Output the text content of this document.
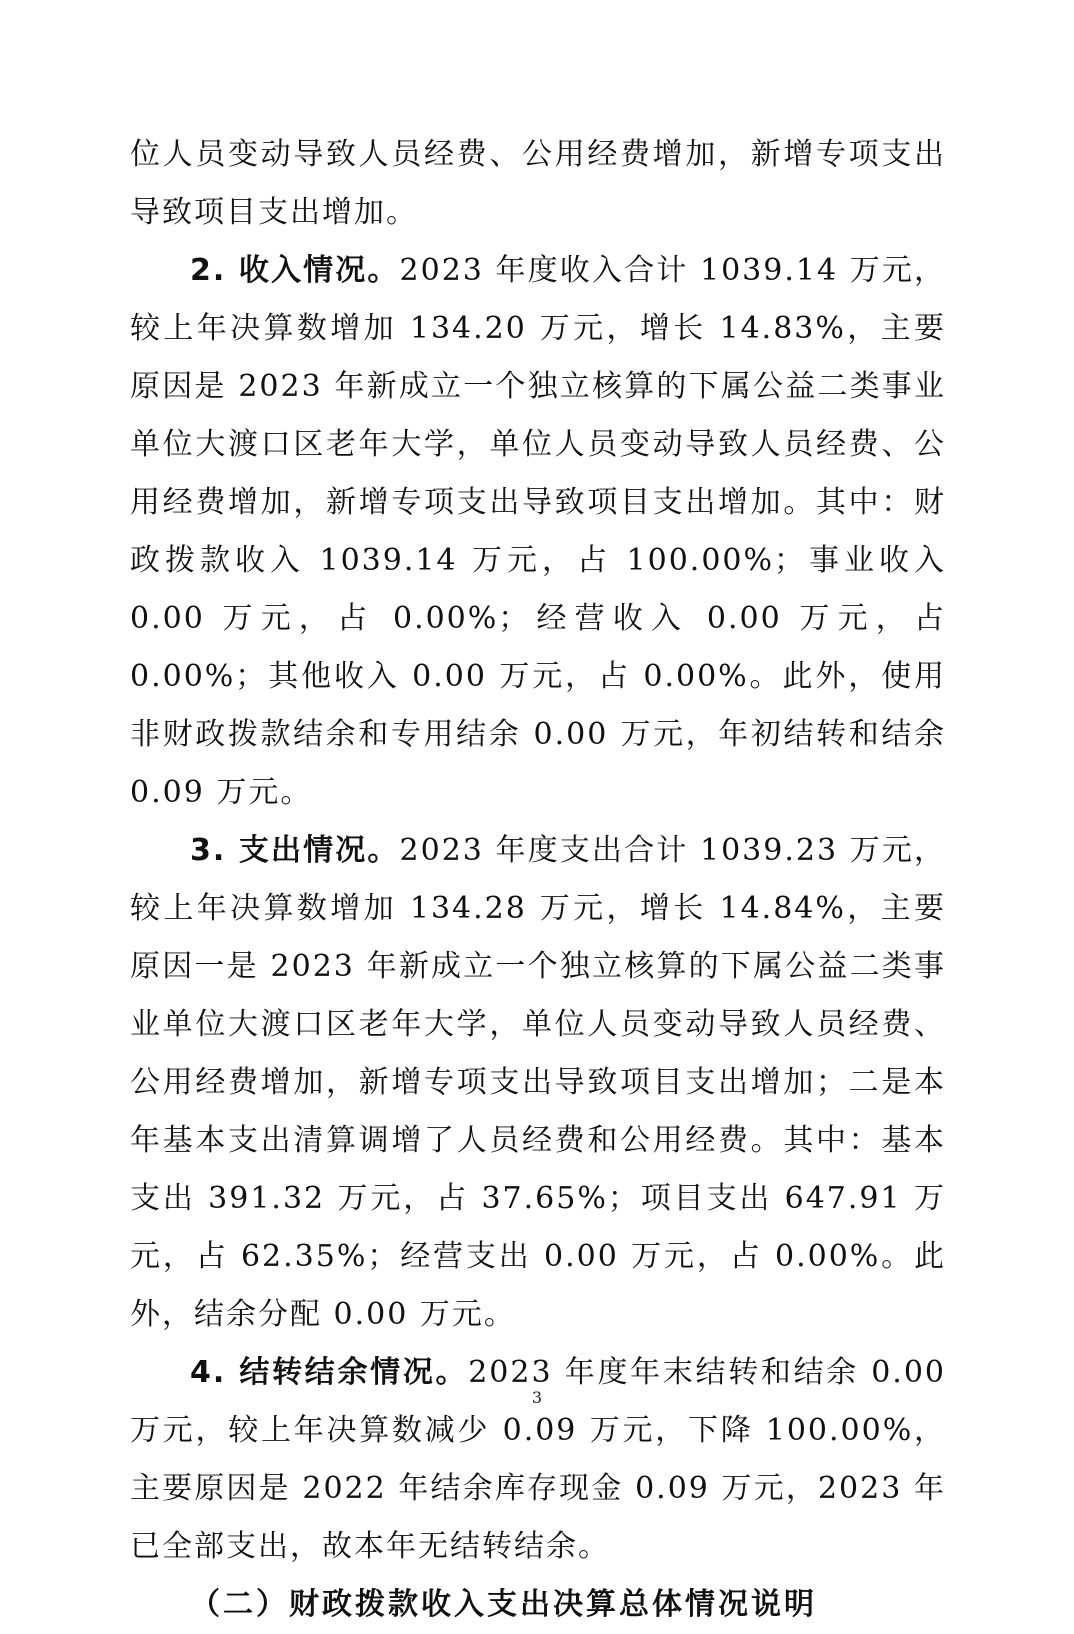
位人员变动导致人员经费、公用经费增加，新增专项支出导致项目支出增加。

2. 收入情况。2023 年度收入合计 1039.14 万元，较上年决算数增加 134.20 万元，增长 14.83%，主要原因是 2023 年新成立一个独立核算的下属公益二类事业单位大渡口区老年大学，单位人员变动导致人员经费、公用经费增加，新增专项支出导致项目支出增加。其中：财政拨款收入 1039.14 万元，占 100.00%；事业收入 0.00 万元，占 0.00%；经营收入 0.00 万元，占 0.00%；其他收入 0.00 万元，占 0.00%。此外，使用非财政拨款结余和专用结余 0.00 万元，年初结转和结余 0.09 万元。

3. 支出情况。2023 年度支出合计 1039.23 万元，较上年决算数增加 134.28 万元，增长 14.84%，主要原因一是 2023 年新成立一个独立核算的下属公益二类事业单位大渡口区老年大学，单位人员变动导致人员经费、公用经费增加，新增专项支出导致项目支出增加；二是本年基本支出清算调增了人员经费和公用经费。其中：基本支出 391.32 万元，占 37.65%；项目支出 647.91 万元，占 62.35%；经营支出 0.00 万元，占 0.00%。此外，结余分配 0.00 万元。

4. 结转结余情况。2023 年度年末结转和结余 0.00 万元，较上年决算数减少 0.09 万元，下降 100.00%，主要原因是 2022 年结余库存现金 0.09 万元，2023 年已全部支出，故本年无结转结余。

（二）财政拨款收入支出决算总体情况说明

3
